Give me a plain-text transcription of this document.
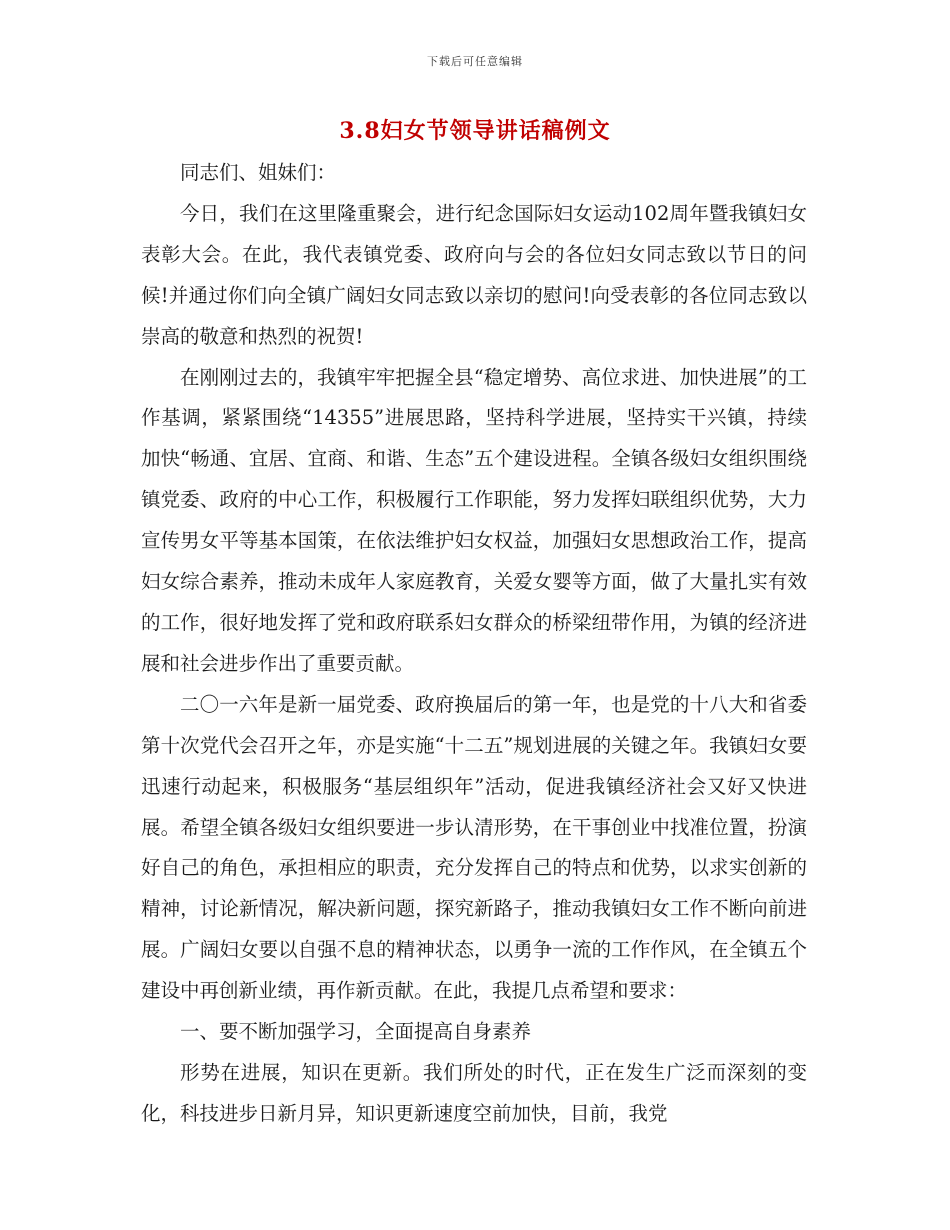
下载后可任意编辑
3.8妇女节领导讲话稿例文

同志们、姐妹们：

今日，我们在这里隆重聚会，进行纪念国际妇女运动102周年暨我镇妇女表彰大会。在此，我代表镇党委、政府向与会的各位妇女同志致以节日的问候!并通过你们向全镇广阔妇女同志致以亲切的慰问!向受表彰的各位同志致以崇高的敬意和热烈的祝贺!

在刚刚过去的，我镇牢牢把握全县“稳定增势、高位求进、加快进展”的工作基调，紧紧围绕“14355”进展思路，坚持科学进展，坚持实干兴镇，持续加快“畅通、宜居、宜商、和谐、生态”五个建设进程。全镇各级妇女组织围绕镇党委、政府的中心工作，积极履行工作职能，努力发挥妇联组织优势，大力宣传男女平等基本国策，在依法维护妇女权益，加强妇女思想政治工作，提高妇女综合素养，推动未成年人家庭教育，关爱女婴等方面，做了大量扎实有效的工作，很好地发挥了党和政府联系妇女群众的桥梁纽带作用，为镇的经济进展和社会进步作出了重要贡献。

二〇一六年是新一届党委、政府换届后的第一年，也是党的十八大和省委第十次党代会召开之年，亦是实施“十二五”规划进展的关键之年。我镇妇女要迅速行动起来，积极服务“基层组织年”活动，促进我镇经济社会又好又快进展。希望全镇各级妇女组织要进一步认清形势，在干事创业中找准位置，扮演好自己的角色，承担相应的职责，充分发挥自己的特点和优势，以求实创新的精神，讨论新情况，解决新问题，探究新路子，推动我镇妇女工作不断向前进展。广阔妇女要以自强不息的精神状态，以勇争一流的工作作风，在全镇五个建设中再创新业绩，再作新贡献。在此，我提几点希望和要求：

一、要不断加强学习，全面提高自身素养

形势在进展，知识在更新。我们所处的时代，正在发生广泛而深刻的变化，科技进步日新月异，知识更新速度空前加快，目前，我党
